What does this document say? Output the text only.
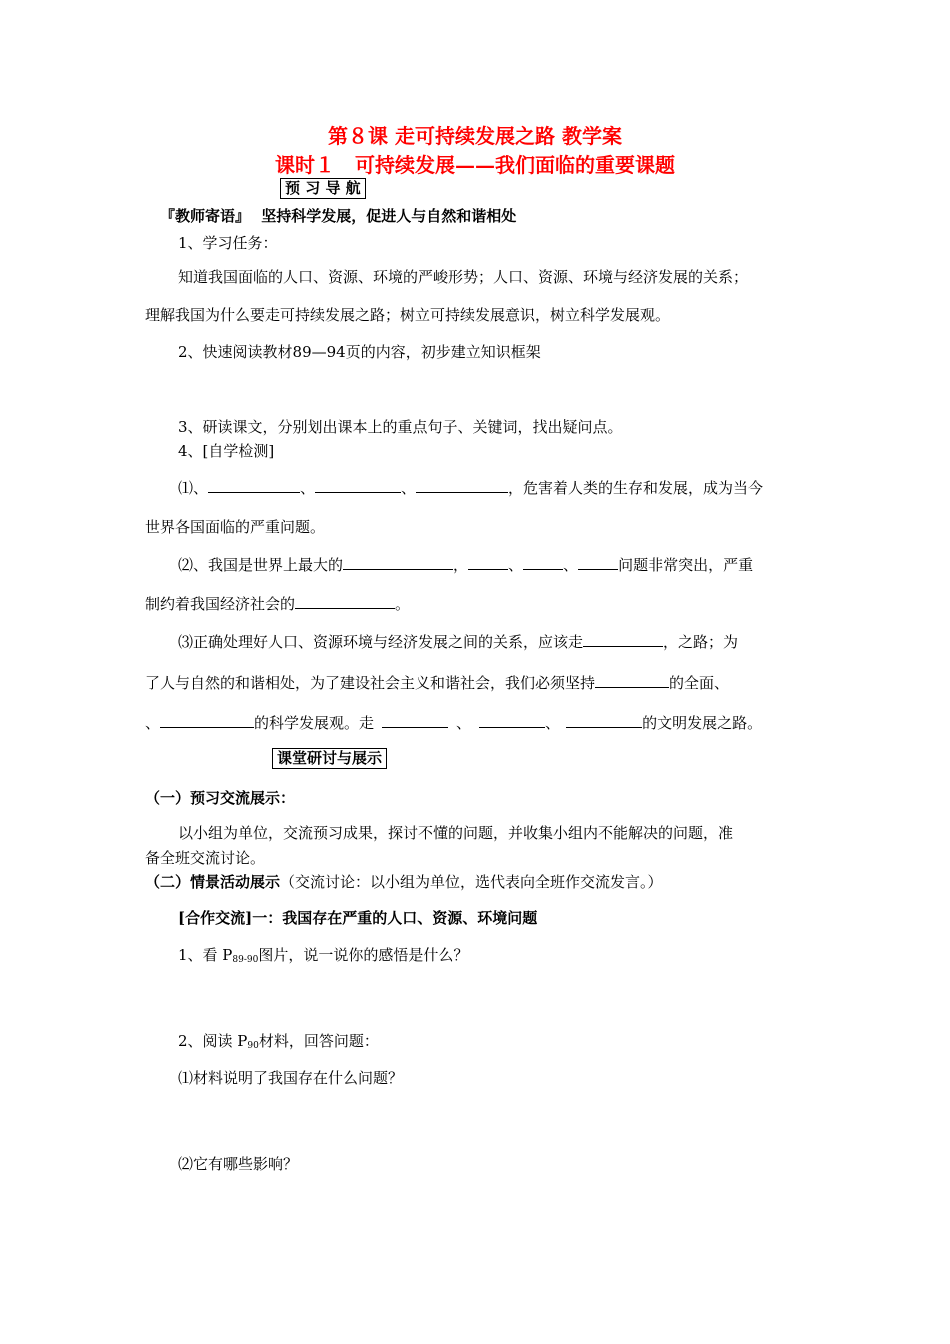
第８课 走可持续发展之路 教学案
课时１　可持续发展——我们面临的重要课题
预 习 导 航
『教师寄语』 坚持科学发展，促进人与自然和谐相处
1、学习任务：
知道我国面临的人口、资源、环境的严峻形势；人口、资源、环境与经济发展的关系；
理解我国为什么要走可持续发展之路；树立可持续发展意识，树立科学发展观。
2、快速阅读教材89—94页的内容，初步建立知识框架
3、研读课文，分别划出课本上的重点句子、关键词，找出疑问点。
4、[自学检测]
⑴、	、	、	，危害着人类的生存和发展，成为当今
世界各国面临的严重问题。
⑵、我国是世界上最大的	，	、	、	问题非常突出，严重
制约着我国经济社会的	。
⑶正确处理好人口、资源环境与经济发展之间的关系，应该走	，之路；为
了人与自然的和谐相处，为了建设社会主义和谐社会，我们必须坚持	的全面、
、	的科学发展观。走	、	、	的文明发展之路。
课堂研讨与展示
（一）预习交流展示：
以小组为单位，交流预习成果，探讨不懂的问题，并收集小组内不能解决的问题，准
备全班交流讨论。
（二）情景活动展示（交流讨论：以小组为单位，选代表向全班作交流发言。）
[合作交流]一：我国存在严重的人口、资源、环境问题
1、看 $P_{89-90}$图片，说一说你的感悟是什么？
2、阅读 $P_{90}$材料，回答问题：
⑴材料说明了我国存在什么问题？
⑵它有哪些影响？
